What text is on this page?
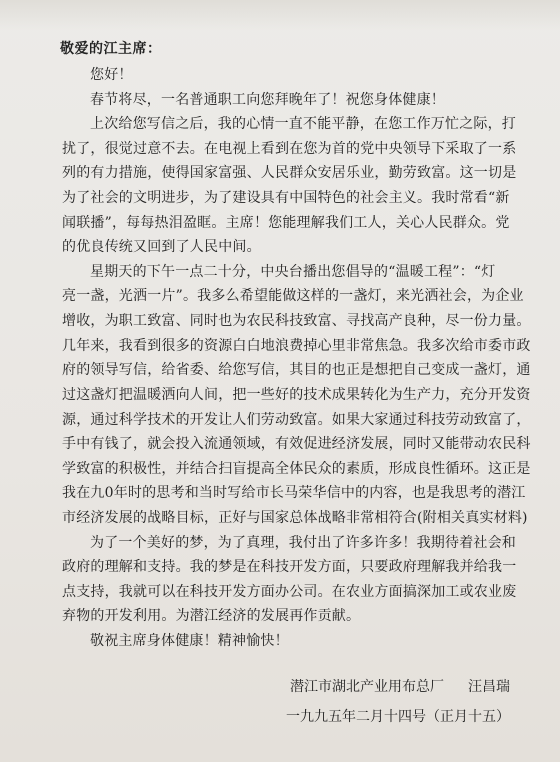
敬爱的江主席：
您好！
春节将尽，一名普通职工向您拜晚年了！祝您身体健康！
上次给您写信之后，我的心情一直不能平静，在您工作万忙之际，打
扰了，很觉过意不去。在电视上看到在您为首的党中央领导下采取了一系
列的有力措施，使得国家富强、人民群众安居乐业，勤劳致富。这一切是
为了社会的文明进步，为了建设具有中国特色的社会主义。我时常看“新
闻联播”，每每热泪盈眶。主席！您能理解我们工人，关心人民群众。党
的优良传统又回到了人民中间。
星期天的下午一点二十分，中央台播出您倡导的“温暖工程”：“灯
亮一盏，光洒一片”。我多么希望能做这样的一盏灯，来光洒社会，为企业
增收，为职工致富、同时也为农民科技致富、寻找高产良种，尽一份力量。
几年来，我看到很多的资源白白地浪费掉心里非常焦急。我多次给市委市政
府的领导写信，给省委、给您写信，其目的也正是想把自己变成一盏灯，通
过这盏灯把温暖洒向人间，把一些好的技术成果转化为生产力，充分开发资
源，通过科学技术的开发让人们劳动致富。如果大家通过科技劳动致富了，
手中有钱了，就会投入流通领域，有效促进经济发展，同时又能带动农民科
学致富的积极性，并结合扫盲提高全体民众的素质，形成良性循环。这正是
我在九0年时的思考和当时写给市长马荣华信中的内容，也是我思考的潜江
市经济发展的战略目标，正好与国家总体战略非常相符合(附相关真实材料)
为了一个美好的梦，为了真理，我付出了许多许多！我期待着社会和
政府的理解和支持。我的梦是在科技开发方面，只要政府理解我并给我一
点支持，我就可以在科技开发方面办公司。在农业方面搞深加工或农业废
弃物的开发利用。为潜江经济的发展再作贡献。
敬祝主席身体健康！精神愉快！
潜江市湖北产业用布总厂 汪昌瑞
一九九五年二月十四号（正月十五）
